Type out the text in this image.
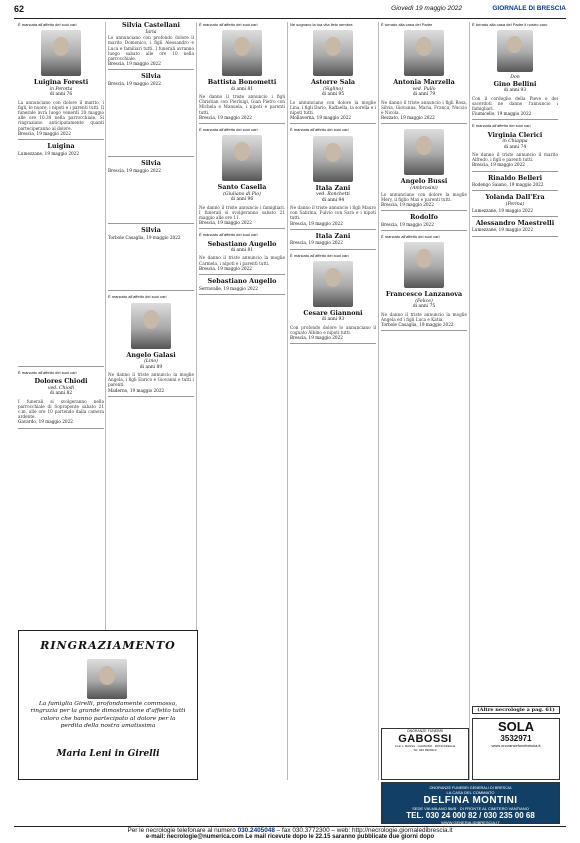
62	Giovedì 19 maggio 2022	GIORNALE DI BRESCIA
È mancata all'affetto dei suoi cari
Luigina Foresti
in Perotta
di anni 76
La annunciano con dolore il marito, i figli, le nuore, i nipoti e i parenti tutti. Il funerale avrà luogo venerdì 20 maggio alle ore 10.30 nella parrocchiale. Si ringraziano anticipatamente quanti parteciperanno al dolore.
Brescia, 19 maggio 2022
Luigina
Lumezzane, 19 maggio 2022
È mancato all'affetto dei suoi cari
Dolores Chiodi
ved. Chiodi
di anni 82
I funerali si svolgeranno nella parrocchiale di Sopraponte sabato 21 c.m. alle ore 10 partendo dalla camera ardente.
Gavardo, 19 maggio 2022
Silvia Castellani
Iaria
Lo annunciano con profondo dolore il marito Domenico, i figli Alessandro e Luca e familiari tutti. I funerali avranno luogo sabato alle ore 10 nella parrocchiale.
Brescia, 19 maggio 2022
Silvia
Brescia, 19 maggio 2022
Silvia
Brescia, 19 maggio 2022
Silvia
Torbole Casaglia, 19 maggio 2022
È mancato all'affetto dei suoi cari
Angelo Galasi
(Lino)
di anni 89
Ne danno il triste annuncio la moglie Angela, i figli Enrico e Giovanni e tutti i parenti.
Maderno, 19 maggio 2022
RINGRAZIAMENTO
La famiglia Girelli, profondamente commossa, ringrazia per la grande dimostrazione d'affetto tutti coloro che hanno partecipato al dolore per la perdita della nostra amatissima
Maria Leni in Girelli
È mancato all'affetto dei suoi cari
Battista Bonometti
di anni 81
Ne danno il triste annuncio i figli Christian con Pierluigi, Gian Pietro con Michela e Manuela, i nipoti e parenti tutti.
Brescia, 19 maggio 2022
È mancata all'affetto dei suoi cari
Santo Casella
(Giuliano di Pio)
di anni 96
Ne danno il triste annuncio i famigliari. I funerali si svolgeranno sabato 21 maggio alle ore 11.
Brescia, 19 maggio 2022
È mancato all'affetto dei suoi cari
Sebastiano Augello
di anni 81
Ne danno il triste annuncio la moglie Carmela, i nipoti e i parenti tutti.
Brescia, 19 maggio 2022
Sebastiano Augello
Serravalle, 19 maggio 2022
Ne sognavo la tua vita lieto sembra
Astorre Sala
(Siglino)
di anni 95
Lo annunciano con dolore la moglie Lina, i figli Dario, Raffaella, la sorella e i nipoti tutti.
Mollaverna, 19 maggio 2022
È mancata all'affetto dei suoi cari
Itala Zani
ved. Ronchetti
di anni 94
Ne danno il triste annuncio i figli Mauro con Sabrina, Fulvio con Sara e i nipoti tutti.
Brescia, 19 maggio 2022
Itala Zani
Brescia, 19 maggio 2022
È mancato all'affetto dei suoi cari
Cesare Giannoni
di anni 93
Con profondo dolore lo annunciano il cognato Albino e nipoti tutti.
Brescia, 19 maggio 2022
È tornato alla casa del Padre
Antonia Marzella
ved. Pullo
di anni 79
Ne danno il triste annuncio i figli Rosa, Silvia, Giovanna, Maria, Franca, Nuccio e Nicola.
Rezzato, 19 maggio 2022
Angelo Bussi
(Ambrosini)
Lo annunciano con dolore la moglie Mery, il figlio Max e parenti tutti.
Brescia, 19 maggio 2022
Rodolfo
Brescia, 19 maggio 2022
È mancato all'affetto dei suoi cari
Francesco Lanzanova
(Felice)
di anni 75
Ne danno il triste annuncio la moglie Angela ed i figli Luca e Katia.
Torbole Casaglia, 19 maggio 2022
È tornato alla casa del Padre il nostro caro
Don
Gino Bellini
di anni 93
Con il cordoglio della Pieve e dei sacerdoti ne danno l'annuncio i famigliari.
Fiumicello, 19 maggio 2022
È mancata all'affetto dei suoi cari
Virginia Clerici
in Chiappa
di anni 74
Ne danno il triste annuncio il marito Alfredo, i figli e parenti tutti.
Brescia, 19 maggio 2022
Rinaldo Belleri
Rodengo Saiano, 19 maggio 2022
Yolanda Dall'Era
(Perina)
Lumezzane, 19 maggio 2022
Alessandro Maestrelli
Lumezzane, 19 maggio 2022
(Altre necrologie a pag. 61)
ONORANZE FUNEBRI
GABOSSI
V.LE L. BASSA · GAVARDO · RONCADELLE
Tel. 030 9900312
SOLA
3532971
www.onoranzefunebrisola.it
ONORANZE FUNEBRI GENERALI DI BRESCIA
LA CASA DEL COMMIATO
DELFINA MONTINI
SEDE VIA MILANO 56/B · DI FRONTE AL CIMITERO VANTIANO
TEL. 030 24 000 82 / 030 235 00 68
WWW.GENERALIDIBRESCIA.IT
Per le necrologie telefonare al numero 030.2405048 – fax 030.3772300 – web: http://necrologie.giornaledibrescia.it
e-mail: necrologie@numerica.com Le mail ricevute dopo le 22.15 saranno pubblicate due giorni dopo
